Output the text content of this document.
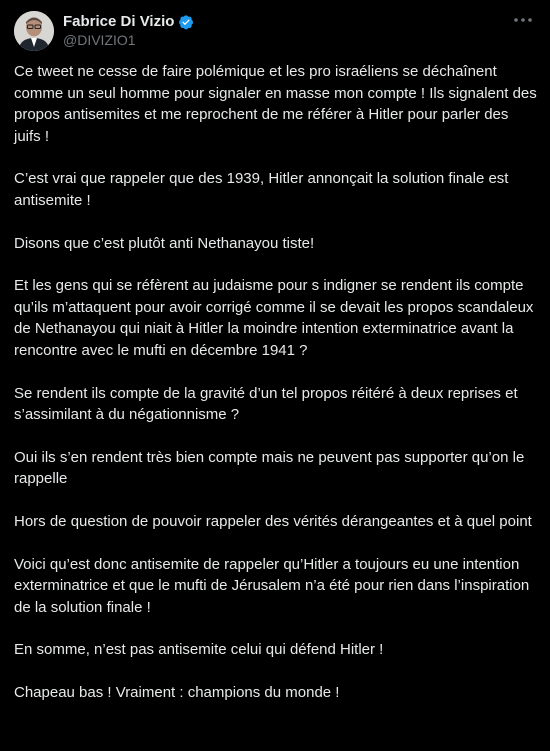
Fabrice Di Vizio
@DIVIZIO1

Ce tweet ne cesse de faire polémique et les pro israéliens se déchaînent comme un seul homme pour signaler en masse mon compte ! Ils signalent des propos antisemites et me reprochent de me référer à Hitler pour parler des juifs !

C’est vrai que rappeler que des 1939, Hitler annonçait la solution finale est antisemite !

Disons que c’est plutôt anti Nethanayou tiste!

Et les gens qui se réfèrent au judaisme pour s indigner se rendent ils compte qu’ils m’attaquent pour avoir corrigé comme il se devait les propos scandaleux de Nethanayou qui niait à Hitler la moindre intention exterminatrice avant la rencontre avec le mufti en décembre 1941 ?

Se rendent ils compte de la gravité d’un tel propos réitéré à deux reprises et s’assimilant à du négationnisme ?

Oui ils s’en rendent très bien compte mais ne peuvent pas supporter qu’on le rappelle

Hors de question de pouvoir rappeler des vérités dérangeantes et à quel point

Voici qu’est donc antisemite de rappeler qu’Hitler a toujours eu une intention exterminatrice et que le mufti de Jérusalem n’a été pour rien dans l’inspiration de la solution finale !

En somme, n’est pas antisemite celui qui défend Hitler !

Chapeau bas ! Vraiment : champions du monde !
